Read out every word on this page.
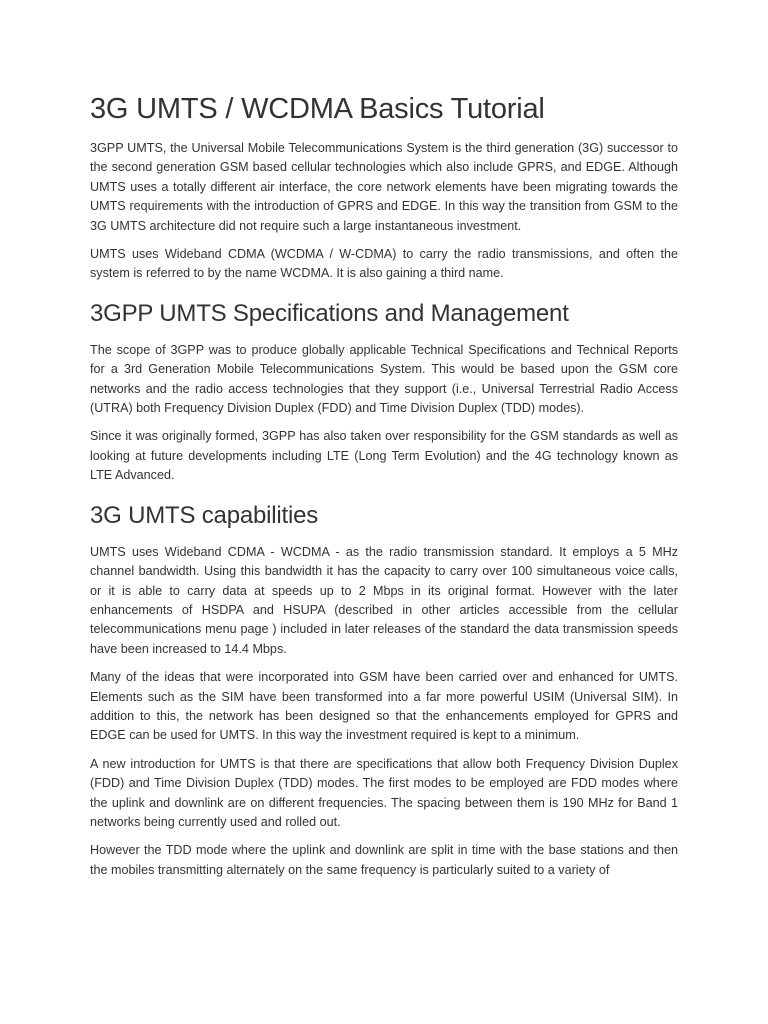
3G UMTS / WCDMA Basics Tutorial

3GPP UMTS, the Universal Mobile Telecommunications System is the third generation (3G) successor to the second generation GSM based cellular technologies which also include GPRS, and EDGE. Although UMTS uses a totally different air interface, the core network elements have been migrating towards the UMTS requirements with the introduction of GPRS and EDGE. In this way the transition from GSM to the 3G UMTS architecture did not require such a large instantaneous investment.

UMTS uses Wideband CDMA (WCDMA / W-CDMA) to carry the radio transmissions, and often the system is referred to by the name WCDMA. It is also gaining a third name.

3GPP UMTS Specifications and Management

The scope of 3GPP was to produce globally applicable Technical Specifications and Technical Reports for a 3rd Generation Mobile Telecommunications System. This would be based upon the GSM core networks and the radio access technologies that they support (i.e., Universal Terrestrial Radio Access (UTRA) both Frequency Division Duplex (FDD) and Time Division Duplex (TDD) modes).

Since it was originally formed, 3GPP has also taken over responsibility for the GSM standards as well as looking at future developments including LTE (Long Term Evolution) and the 4G technology known as LTE Advanced.

3G UMTS capabilities

UMTS uses Wideband CDMA - WCDMA - as the radio transmission standard. It employs a 5 MHz channel bandwidth. Using this bandwidth it has the capacity to carry over 100 simultaneous voice calls, or it is able to carry data at speeds up to 2 Mbps in its original format. However with the later enhancements of HSDPA and HSUPA (described in other articles accessible from the cellular telecommunications menu page ) included in later releases of the standard the data transmission speeds have been increased to 14.4 Mbps.

Many of the ideas that were incorporated into GSM have been carried over and enhanced for UMTS. Elements such as the SIM have been transformed into a far more powerful USIM (Universal SIM). In addition to this, the network has been designed so that the enhancements employed for GPRS and EDGE can be used for UMTS. In this way the investment required is kept to a minimum.

A new introduction for UMTS is that there are specifications that allow both Frequency Division Duplex (FDD) and Time Division Duplex (TDD) modes. The first modes to be employed are FDD modes where the uplink and downlink are on different frequencies. The spacing between them is 190 MHz for Band 1 networks being currently used and rolled out.

However the TDD mode where the uplink and downlink are split in time with the base stations and then the mobiles transmitting alternately on the same frequency is particularly suited to a variety of
